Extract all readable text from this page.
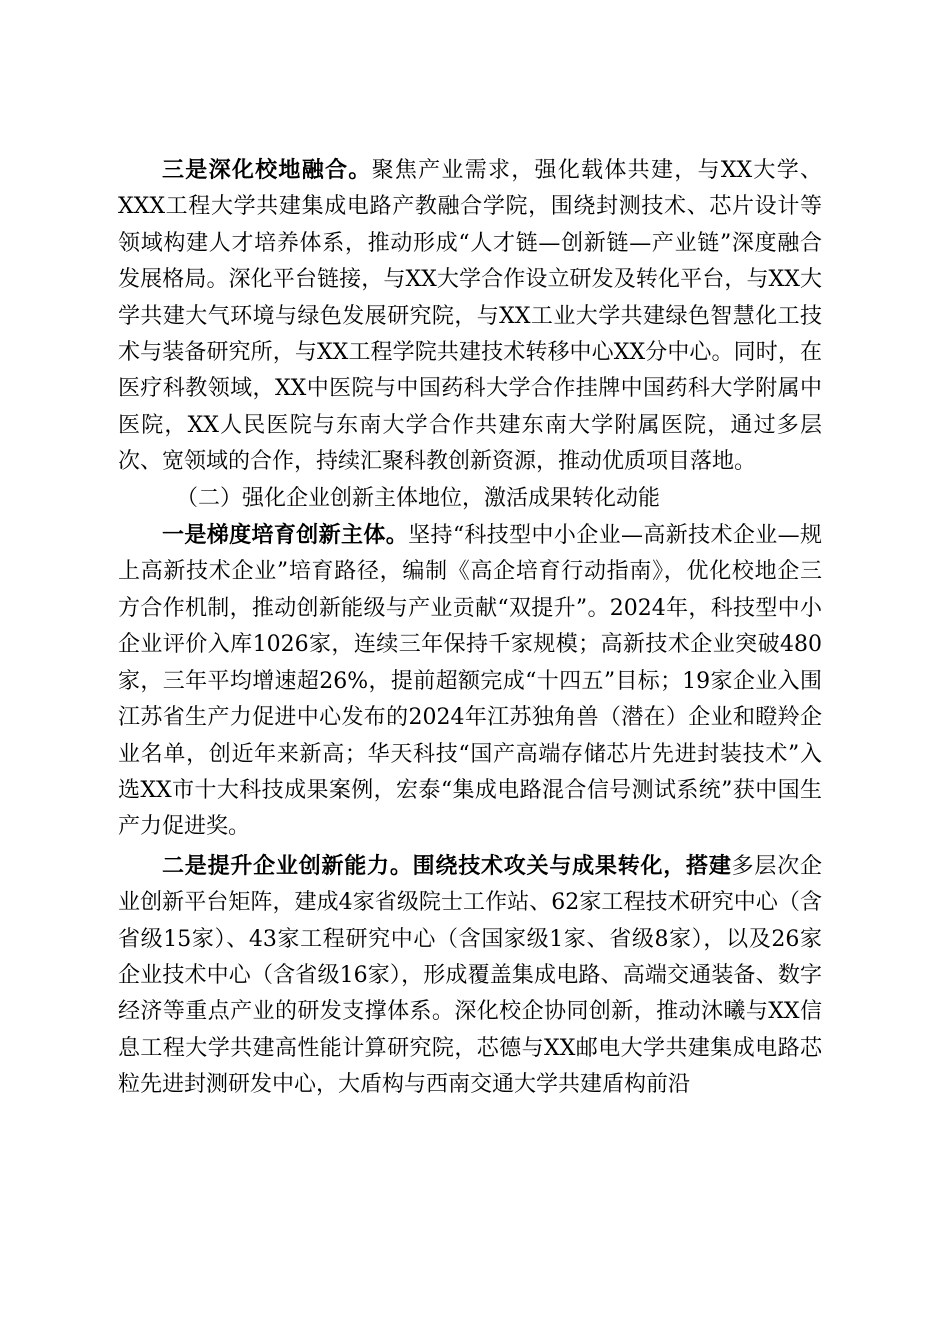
三是深化校地融合。聚焦产业需求，强化载体共建，与XX大学、XXX工程大学共建集成电路产教融合学院，围绕封测技术、芯片设计等领域构建人才培养体系，推动形成“人才链—创新链—产业链”深度融合发展格局。深化平台链接，与XX大学合作设立研发及转化平台，与XX大学共建大气环境与绿色发展研究院，与XX工业大学共建绿色智慧化工技术与装备研究所，与XX工程学院共建技术转移中心XX分中心。同时，在医疗科教领域，XX中医院与中国药科大学合作挂牌中国药科大学附属中医院，XX人民医院与东南大学合作共建东南大学附属医院，通过多层次、宽领域的合作，持续汇聚科教创新资源，推动优质项目落地。

（二）强化企业创新主体地位，激活成果转化动能

一是梯度培育创新主体。坚持“科技型中小企业—高新技术企业—规上高新技术企业”培育路径，编制《高企培育行动指南》，优化校地企三方合作机制，推动创新能级与产业贡献“双提升”。2024年，科技型中小企业评价入库1026家，连续三年保持千家规模；高新技术企业突破480家，三年平均增速超26%，提前超额完成“十四五”目标；19家企业入围江苏省生产力促进中心发布的2024年江苏独角兽（潜在）企业和瞪羚企业名单，创近年来新高；华天科技“国产高端存储芯片先进封装技术”入选XX市十大科技成果案例，宏泰“集成电路混合信号测试系统”获中国生产力促进奖。

二是提升企业创新能力。围绕技术攻关与成果转化，搭建多层次企业创新平台矩阵，建成4家省级院士工作站、62家工程技术研究中心（含省级15家）、43家工程研究中心（含国家级1家、省级8家），以及26家企业技术中心（含省级16家），形成覆盖集成电路、高端交通装备、数字经济等重点产业的研发支撑体系。深化校企协同创新，推动沐曦与XX信息工程大学共建高性能计算研究院，芯德与XX邮电大学共建集成电路芯粒先进封测研发中心，大盾构与西南交通大学共建盾构前沿
